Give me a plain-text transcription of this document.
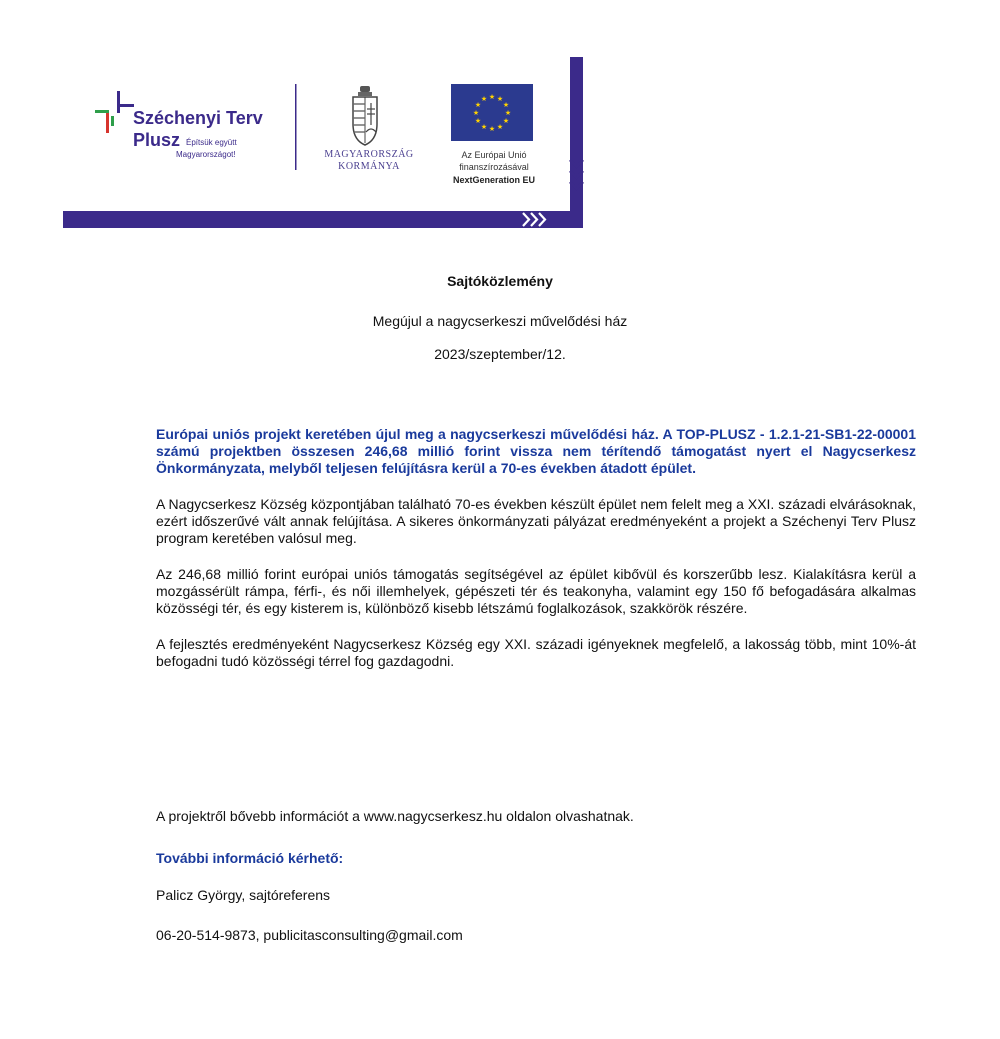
★ ★
★
★
★
★
★
★
★
★
★
★
Széchenyi Terv
Plusz Építsük együtt
Magyarországot!	MAGYARORSZÁG
KORMÁNYA
Az Európai Unió
finanszírozásával
NextGeneration EU
Sajtóközlemény
Megújul a nagycserkeszi művelődési ház
2023/szeptember/12.

Európai uniós projekt keretében újul meg a nagycserkeszi művelődési ház. A TOP-PLUSZ - 1.2.1-21-SB1-22-00001 számú projektben összesen 246,68 millió forint vissza nem térítendő támogatást nyert el Nagycserkesz Önkormányzata, melyből teljesen felújításra kerül a 70-es években átadott épület.

A Nagycserkesz Község központjában található 70-es években készült épület nem felelt meg a XXI. századi elvárásoknak, ezért időszerűvé vált annak felújítása. A sikeres önkormányzati pályázat eredményeként a projekt a Széchenyi Terv Plusz program keretében valósul meg.

Az 246,68 millió forint európai uniós támogatás segítségével az épület kibővül és korszerűbb lesz. Kialakításra kerül a mozgássérült rámpa, férfi-, és női illemhelyek, gépészeti tér és teakonyha, valamint egy 150 fő befogadására alkalmas közösségi tér, és egy kisterem is, különböző kisebb létszámú foglalkozások, szakkörök részére.

A fejlesztés eredményeként Nagycserkesz Község egy XXI. századi igényeknek megfelelő, a lakosság több, mint 10%-át befogadni tudó közösségi térrel fog gazdagodni.

A projektről bővebb információt a www.nagycserkesz.hu oldalon olvashatnak.
További információ kérhető:
Palicz György, sajtóreferens
06-20-514-9873, publicitasconsulting@gmail.com
